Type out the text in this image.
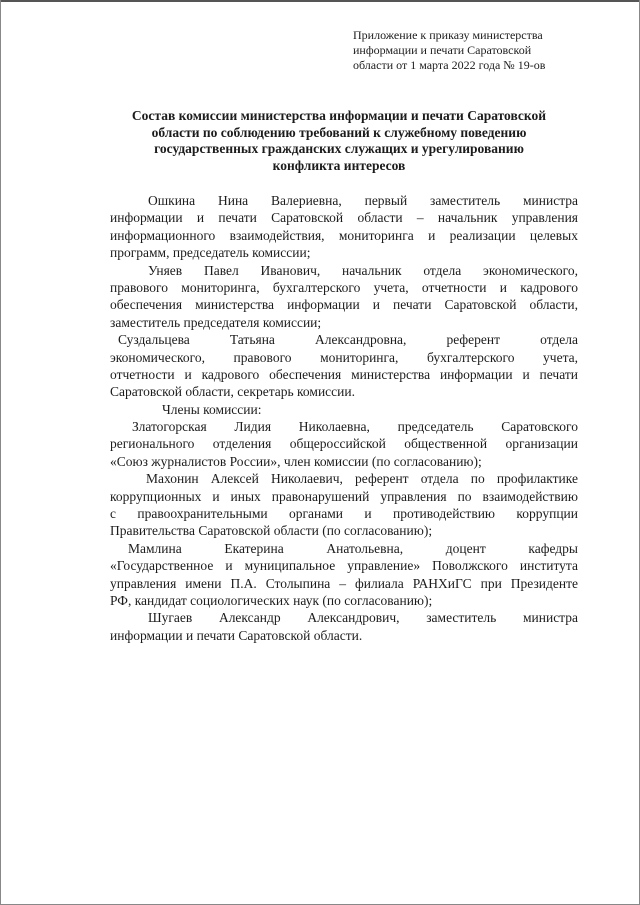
Приложение к приказу министерства
информации и печати Саратовской
области от 1 марта 2022 года № 19-ов
Состав комиссии министерства информации и печати Саратовской
области по соблюдению требований к служебному поведению
государственных гражданских служащих и урегулированию
конфликта интересов
Ошкина Нина Валериевна, первый заместитель министра
информации и печати Саратовской области – начальник управления
информационного взаимодействия, мониторинга и реализации целевых
программ, председатель комиссии;
Уняев Павел Иванович, начальник отдела экономического,
правового мониторинга, бухгалтерского учета, отчетности и кадрового
обеспечения министерства информации и печати Саратовской области,
заместитель председателя комиссии;
Суздальцева Татьяна Александровна, референт отдела
экономического, правового мониторинга, бухгалтерского учета,
отчетности и кадрового обеспечения министерства информации и печати
Саратовской области, секретарь комиссии.
Члены комиссии:
Златогорская Лидия Николаевна, председатель Саратовского
регионального отделения общероссийской общественной организации
«Союз журналистов России», член комиссии (по согласованию);
Махонин Алексей Николаевич, референт отдела по профилактике
коррупционных и иных правонарушений управления по взаимодействию
с правоохранительными органами и противодействию коррупции
Правительства Саратовской области (по согласованию);
Мамлина Екатерина Анатольевна, доцент кафедры
«Государственное и муниципальное управление» Поволжского института
управления имени П.А. Столыпина – филиала РАНХиГС при Президенте
РФ, кандидат социологических наук (по согласованию);
Шугаев Александр Александрович, заместитель министра
информации и печати Саратовской области.
